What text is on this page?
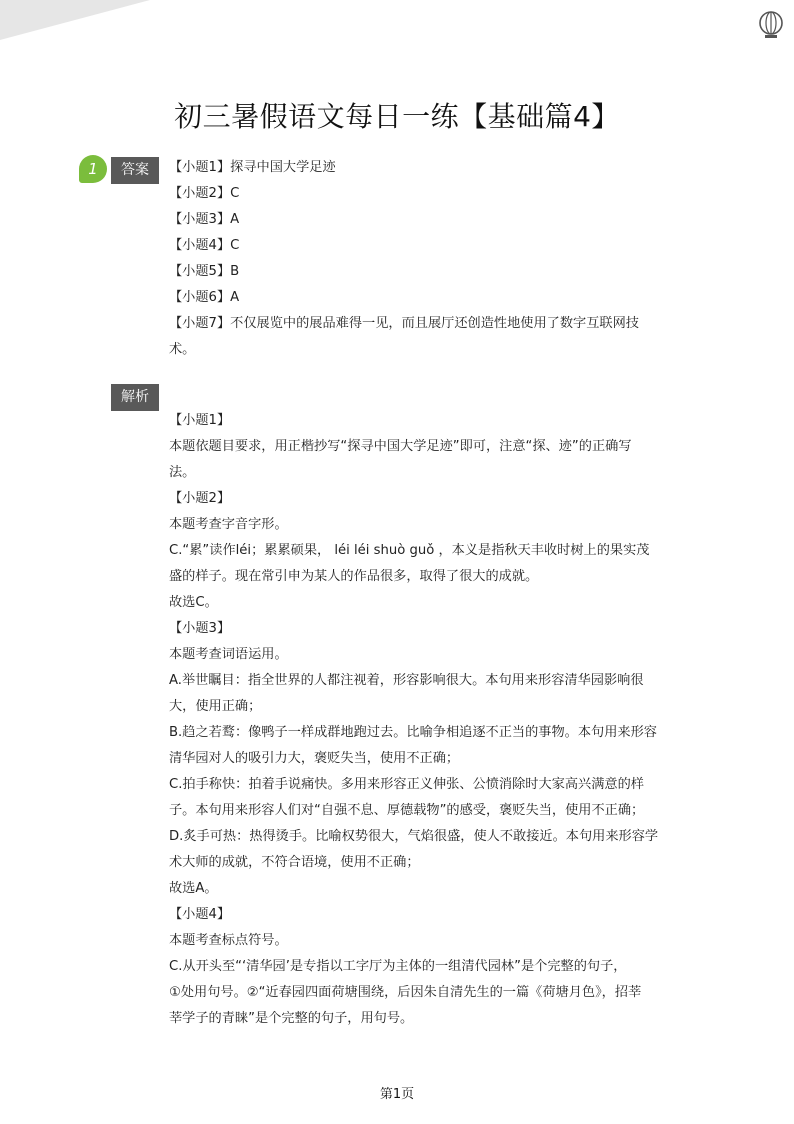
初三暑假语文每日一练【基础篇4】
1	答案
解析
【小题1】探寻中国大学足迹
【小题2】C
【小题3】A
【小题4】C
【小题5】B
【小题6】A
【小题7】不仅展览中的展品难得一见，而且展厅还创造性地使用了数字互联网技
术。
【小题1】
本题依题目要求，用正楷抄写“探寻中国大学足迹”即可，注意“探、迹”的正确写
法。
【小题2】
本题考查字音字形。
C.“累”读作léi；累累硕果， léi léi shuò guǒ ，本义是指秋天丰收时树上的果实茂
盛的样子。现在常引申为某人的作品很多，取得了很大的成就。
故选C。
【小题3】
本题考查词语运用。
A.举世瞩目：指全世界的人都注视着，形容影响很大。本句用来形容清华园影响很
大，使用正确；
B.趋之若鹜：像鸭子一样成群地跑过去。比喻争相追逐不正当的事物。本句用来形容
清华园对人的吸引力大，褒贬失当，使用不正确；
C.拍手称快：拍着手说痛快。多用来形容正义伸张、公愤消除时大家高兴满意的样
子。本句用来形容人们对“自强不息、厚德载物”的感受，褒贬失当，使用不正确；
D.炙手可热：热得烫手。比喻权势很大，气焰很盛，使人不敢接近。本句用来形容学
术大师的成就，不符合语境，使用不正确；
故选A。
【小题4】
本题考查标点符号。
C.从开头至“‘清华园’是专指以工字厅为主体的一组清代园林”是个完整的句子，
①处用句号。②“近春园四面荷塘围绕，后因朱自清先生的一篇《荷塘月色》，招莘
莘学子的青睐”是个完整的句子，用句号。
第1页
